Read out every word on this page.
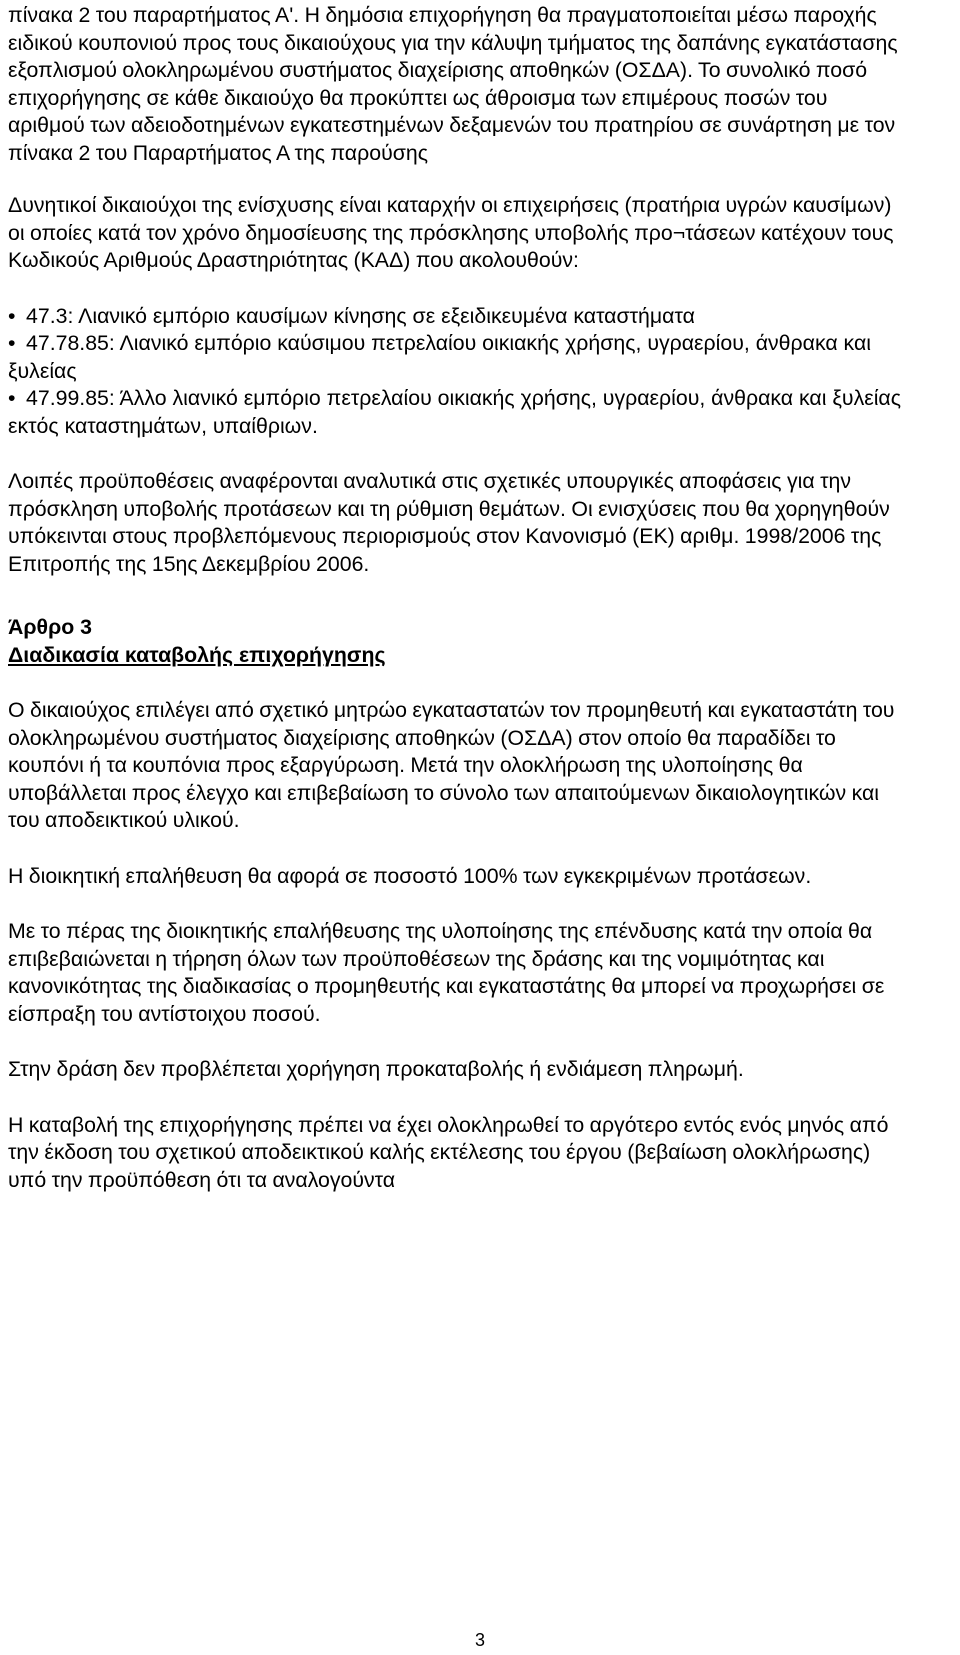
πίνακα 2 του παραρτήματος Α'. Η δημόσια επιχορήγηση θα πραγματοποιείται μέσω παροχής ειδικού κουπονιού προς τους δικαιούχους για την κάλυψη τμήματος της δαπάνης εγκατάστασης εξοπλισμού ολοκληρωμένου συστήματος διαχείρισης αποθηκών (ΟΣΔΑ). Το συνολικό ποσό επιχορήγησης σε κάθε δικαιούχο θα προκύπτει ως άθροισμα των επιμέρους ποσών του αριθμού των αδειοδοτημένων εγκατεστημένων δεξαμενών του πρατηρίου σε συνάρτηση με τον πίνακα 2 του Παραρτήματος Α της παρούσης

Δυνητικοί δικαιούχοι της ενίσχυσης είναι καταρχήν οι επιχειρήσεις (πρατήρια υγρών καυσίμων) οι οποίες κατά τον χρόνο δημοσίευσης της πρόσκλησης υποβολής προ¬τάσεων κατέχουν τους Κωδικούς Αριθμούς Δραστηριότητας (ΚΑΔ) που ακολουθούν:

• 47.3: Λιανικό εμπόριο καυσίμων κίνησης σε εξειδικευμένα καταστήματα
• 47.78.85: Λιανικό εμπόριο καύσιμου πετρελαίου οικιακής χρήσης, υγραερίου, άνθρακα και ξυλείας
• 47.99.85: Άλλο λιανικό εμπόριο πετρελαίου οικιακής χρήσης, υγραερίου, άνθρακα και ξυλείας εκτός καταστημάτων, υπαίθριων.

Λοιπές προϋποθέσεις αναφέρονται αναλυτικά στις σχετικές υπουργικές αποφάσεις για την πρόσκληση υποβολής προτάσεων και τη ρύθμιση θεμάτων. Οι ενισχύσεις που θα χορηγηθούν υπόκεινται στους προβλεπόμενους περιορισμούς στον Κανονισμό (ΕΚ) αριθμ. 1998/2006 της Επιτροπής της 15ης Δεκεμβρίου 2006.

Άρθρο 3
Διαδικασία καταβολής επιχορήγησης

Ο δικαιούχος επιλέγει από σχετικό μητρώο εγκαταστατών τον προμηθευτή και εγκαταστάτη του ολοκληρωμένου συστήματος διαχείρισης αποθηκών (ΟΣΔΑ) στον οποίο θα παραδίδει το κουπόνι ή τα κουπόνια προς εξαργύρωση. Μετά την ολοκλήρωση της υλοποίησης θα υποβάλλεται προς έλεγχο και επιβεβαίωση το σύνολο των απαιτούμενων δικαιολογητικών και του αποδεικτικού υλικού.

Η διοικητική επαλήθευση θα αφορά σε ποσοστό 100% των εγκεκριμένων προτάσεων.

Με το πέρας της διοικητικής επαλήθευσης της υλοποίησης της επένδυσης κατά την οποία θα επιβεβαιώνεται η τήρηση όλων των προϋποθέσεων της δράσης και της νομιμότητας και κανονικότητας της διαδικασίας ο προμηθευτής και εγκαταστάτης θα μπορεί να προχωρήσει σε είσπραξη του αντίστοιχου ποσού.

Στην δράση δεν προβλέπεται χορήγηση προκαταβολής ή ενδιάμεση πληρωμή.

Η καταβολή της επιχορήγησης πρέπει να έχει ολοκληρωθεί το αργότερο εντός ενός μηνός από την έκδοση του σχετικού αποδεικτικού καλής εκτέλεσης του έργου (βεβαίωση ολοκλήρωσης) υπό την προϋπόθεση ότι τα αναλογούντα

3
